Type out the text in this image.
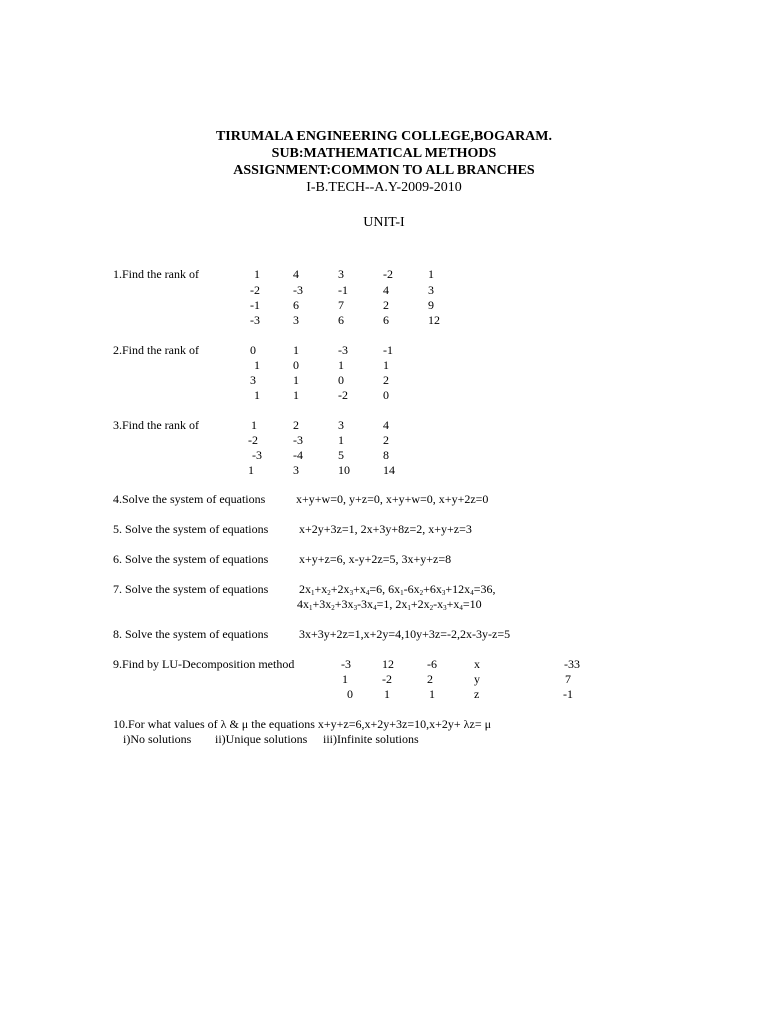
TIRUMALA ENGINEERING COLLEGE,BOGARAM.
SUB:MATHEMATICAL METHODS
ASSIGNMENT:COMMON TO ALL BRANCHES
I-B.TECH--A.Y-2009-2010
UNIT-I
1.Find the rank of	1	4	3	-2	1
-2	-3	-1	4	3
-1	6	7	2	9
-3	3	6	6	12
2.Find the rank of	0	1	-3	-1
1	0	1	1
3	1	0	2
1	1	-2	0
3.Find the rank of	1	2	3	4
-2	-3	1	2
-3	-4	5	8
1	3	10	14
4.Solve the system of equations	x+y+w=0, y+z=0, x+y+w=0, x+y+2z=0
5. Solve the system of equations	x+2y+3z=1, 2x+3y+8z=2, x+y+z=3
6. Solve the system of equations	x+y+z=6, x-y+2z=5, 3x+y+z=8
7. Solve the system of equations	$2x_1+x_2+2x_3+x_4=6$, $6x_1-6x_2+6x_3+12x_4=36$,
$4x_1+3x_2+3x_3-3x_4=1$, $2x_1+2x_2-x_3+x_4=10$
8. Solve the system of equations	3x+3y+2z=1,x+2y=4,10y+3z=-2,2x-3y-z=5
9.Find by LU-Decomposition method	-3	12	-6	x	-33
1	-2	2	y	7
0	1	1	z	-1
10.For what values of λ & μ the equations x+y+z=6,x+2y+3z=10,x+2y+ λz= μ
i)No solutions ii)Unique solutions iii)Infinite solutions
